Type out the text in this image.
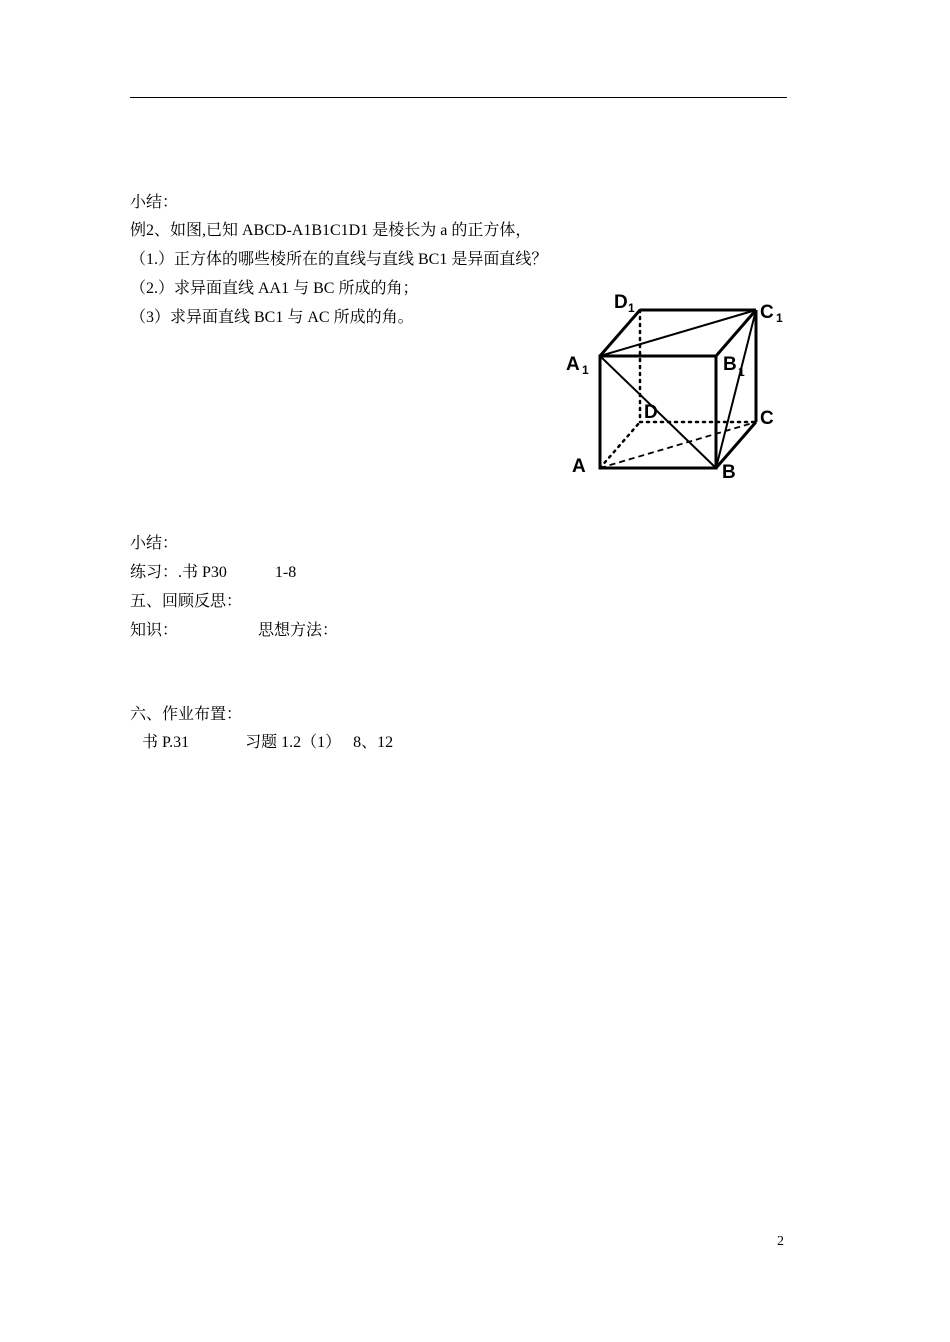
小结：
例2、如图,已知 ABCD-A1B1C1D1 是棱长为 a 的正方体，
（1.）正方体的哪些棱所在的直线与直线 BC1 是异面直线？
（2.）求异面直线 AA1 与 BC 所成的角；
（3）求异面直线 BC1 与 AC 所成的角。
D 1	C 1
A 1	B 1
D	C
A	B
小结：
练习：.书 P30            1-8
五、回顾反思：
知识：                    思想方法：
六、作业布置：
书 P.31              习题 1.2（1）   8、12
2
